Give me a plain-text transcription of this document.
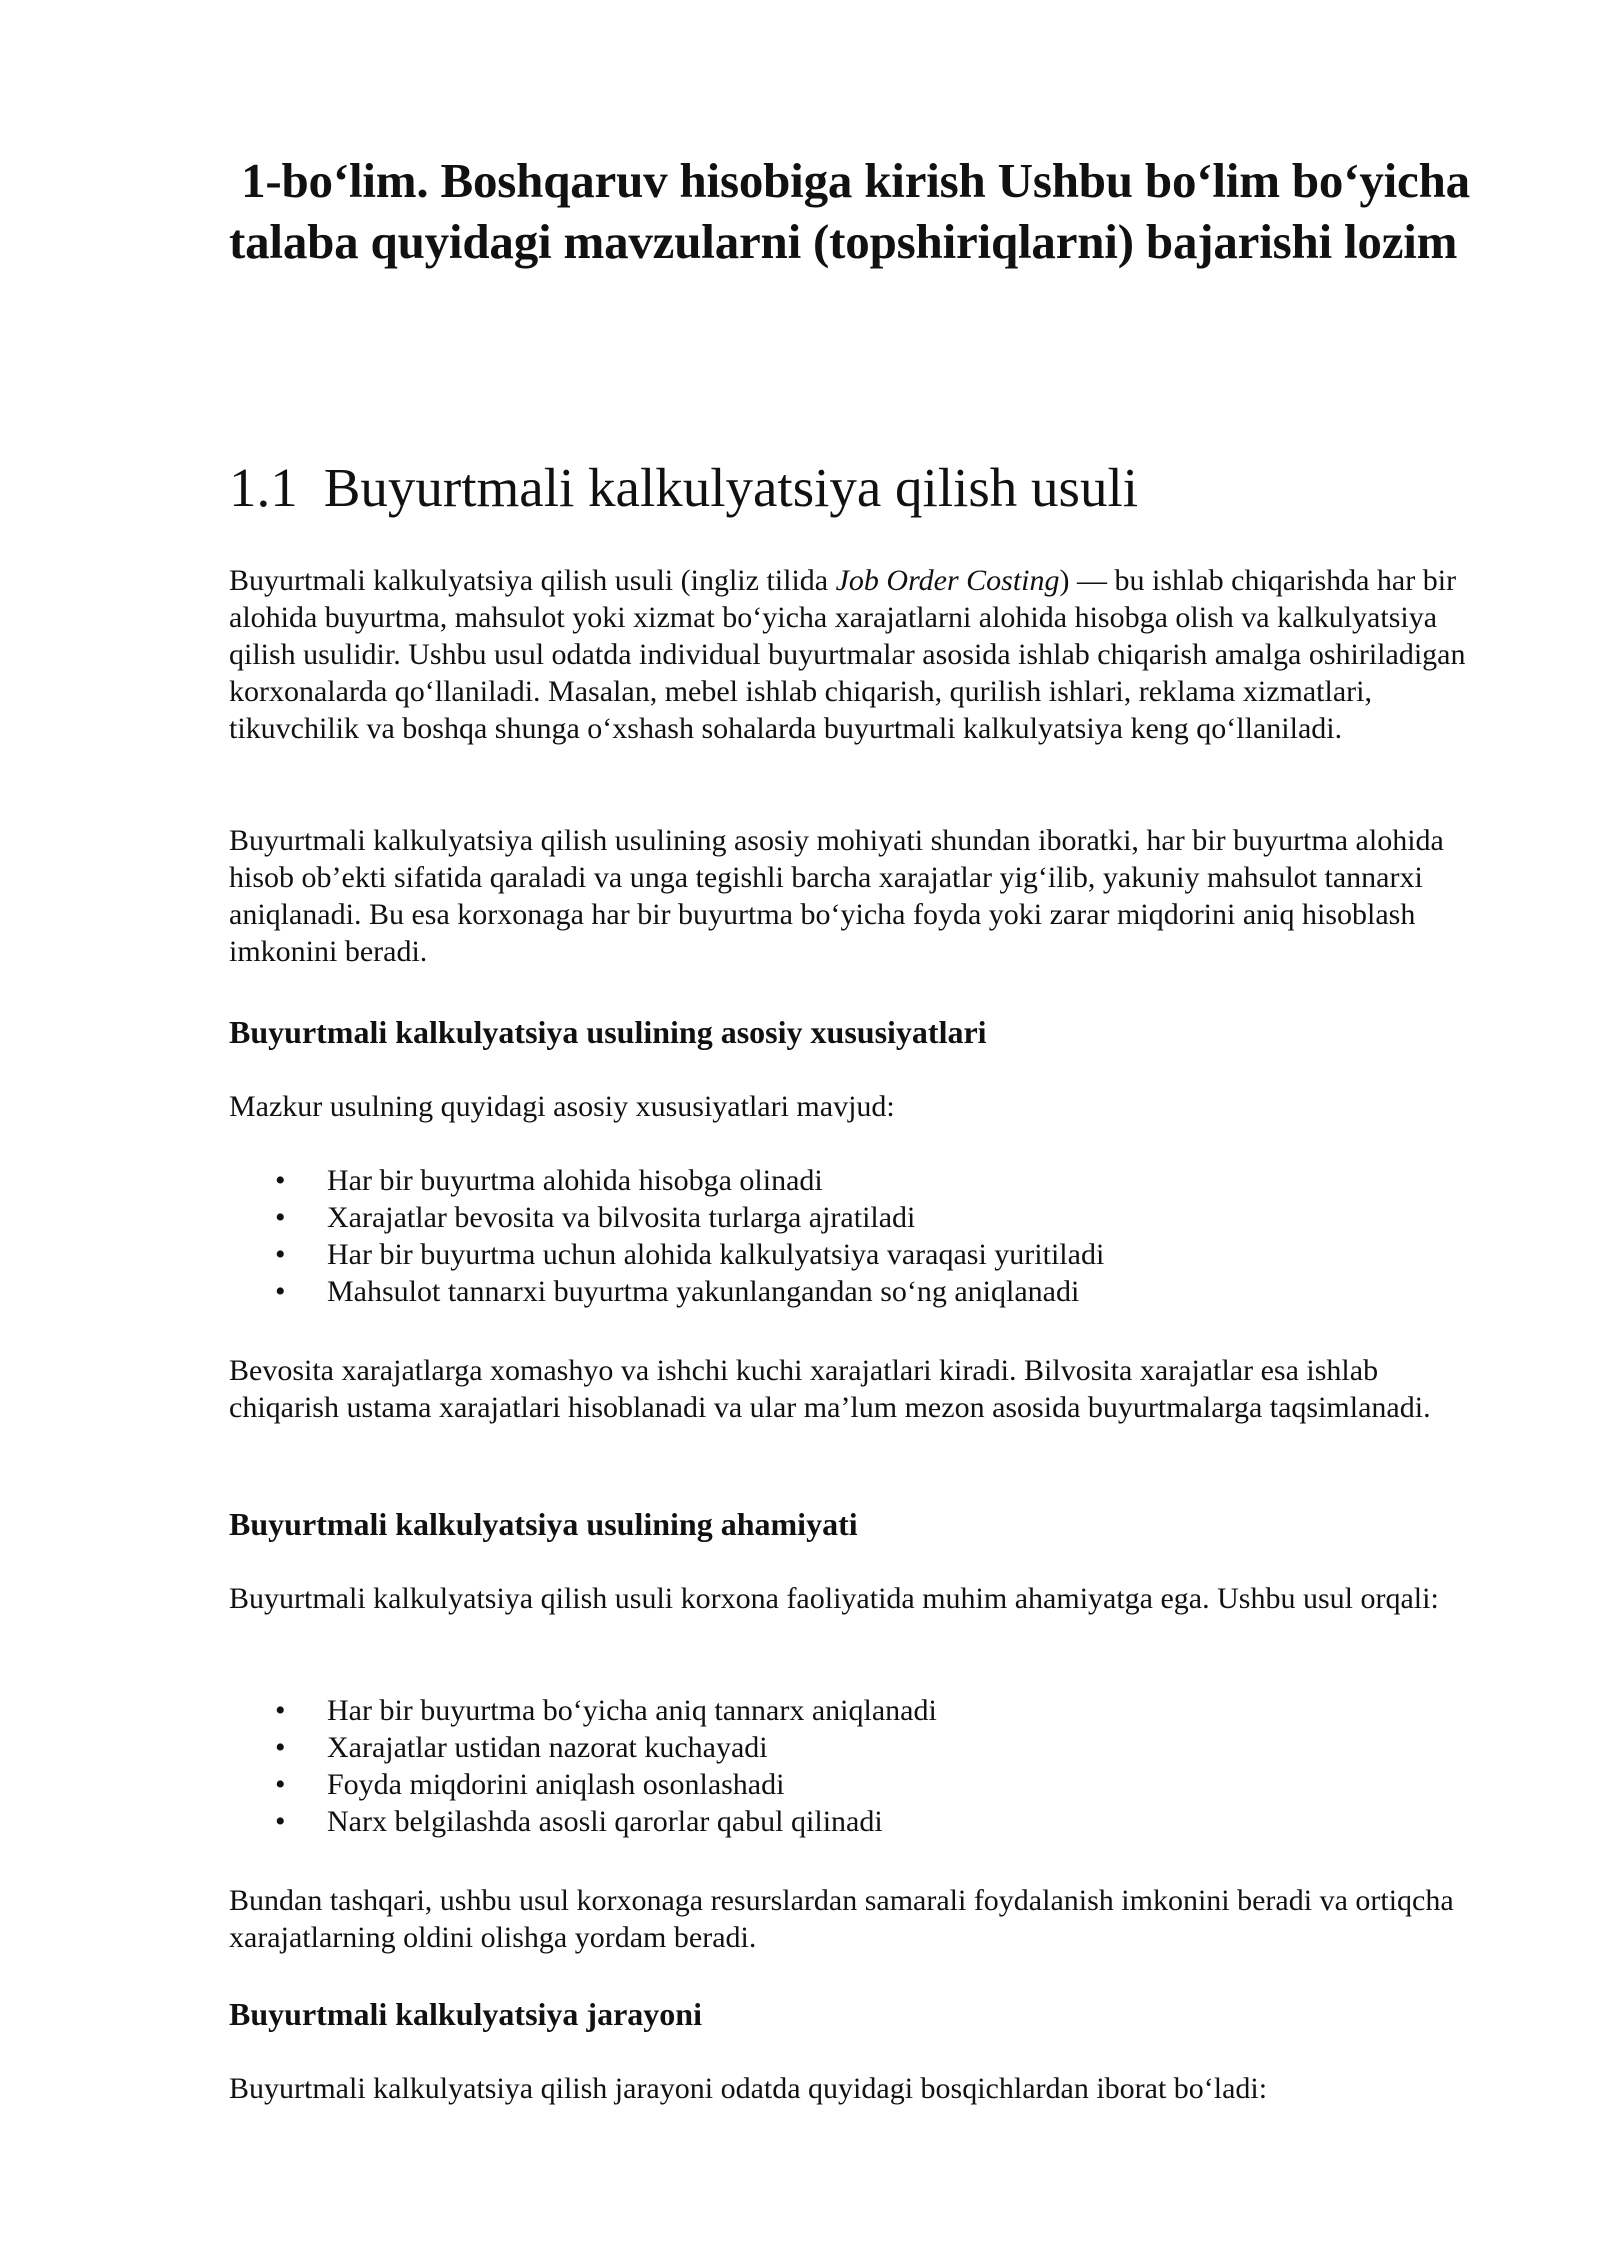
1-bo‘lim. Boshqaruv hisobiga kirish Ushbu bo‘lim bo‘yicha talaba quyidagi mavzularni (topshiriqlarni) bajarishi lozim
1.1 Buyurtmali kalkulyatsiya qilish usuli

Buyurtmali kalkulyatsiya qilish usuli (ingliz tilida Job Order Costing) — bu ishlab chiqarishda har bir alohida buyurtma, mahsulot yoki xizmat bo‘yicha xarajatlarni alohida hisobga olish va kalkulyatsiya qilish usulidir. Ushbu usul odatda individual buyurtmalar asosida ishlab chiqarish amalga oshiriladigan korxonalarda qo‘llaniladi. Masalan, mebel ishlab chiqarish, qurilish ishlari, reklama xizmatlari, tikuvchilik va boshqa shunga o‘xshash sohalarda buyurtmali kalkulyatsiya keng qo‘llaniladi.

Buyurtmali kalkulyatsiya qilish usulining asosiy mohiyati shundan iboratki, har bir buyurtma alohida hisob ob’ekti sifatida qaraladi va unga tegishli barcha xarajatlar yig‘ilib, yakuniy mahsulot tannarxi aniqlanadi. Bu esa korxonaga har bir buyurtma bo‘yicha foyda yoki zarar miqdorini aniq hisoblash imkonini beradi.

Buyurtmali kalkulyatsiya usulining asosiy xususiyatlari

Mazkur usulning quyidagi asosiy xususiyatlari mavjud:

• Har bir buyurtma alohida hisobga olinadi
• Xarajatlar bevosita va bilvosita turlarga ajratiladi
• Har bir buyurtma uchun alohida kalkulyatsiya varaqasi yuritiladi
• Mahsulot tannarxi buyurtma yakunlangandan so‘ng aniqlanadi

Bevosita xarajatlarga xomashyo va ishchi kuchi xarajatlari kiradi. Bilvosita xarajatlar esa ishlab chiqarish ustama xarajatlari hisoblanadi va ular ma’lum mezon asosida buyurtmalarga taqsimlanadi.

Buyurtmali kalkulyatsiya usulining ahamiyati

Buyurtmali kalkulyatsiya qilish usuli korxona faoliyatida muhim ahamiyatga ega. Ushbu usul orqali:

• Har bir buyurtma bo‘yicha aniq tannarx aniqlanadi
• Xarajatlar ustidan nazorat kuchayadi
• Foyda miqdorini aniqlash osonlashadi
• Narx belgilashda asosli qarorlar qabul qilinadi

Bundan tashqari, ushbu usul korxonaga resurslardan samarali foydalanish imkonini beradi va ortiqcha xarajatlarning oldini olishga yordam beradi.

Buyurtmali kalkulyatsiya jarayoni

Buyurtmali kalkulyatsiya qilish jarayoni odatda quyidagi bosqichlardan iborat bo‘ladi:
